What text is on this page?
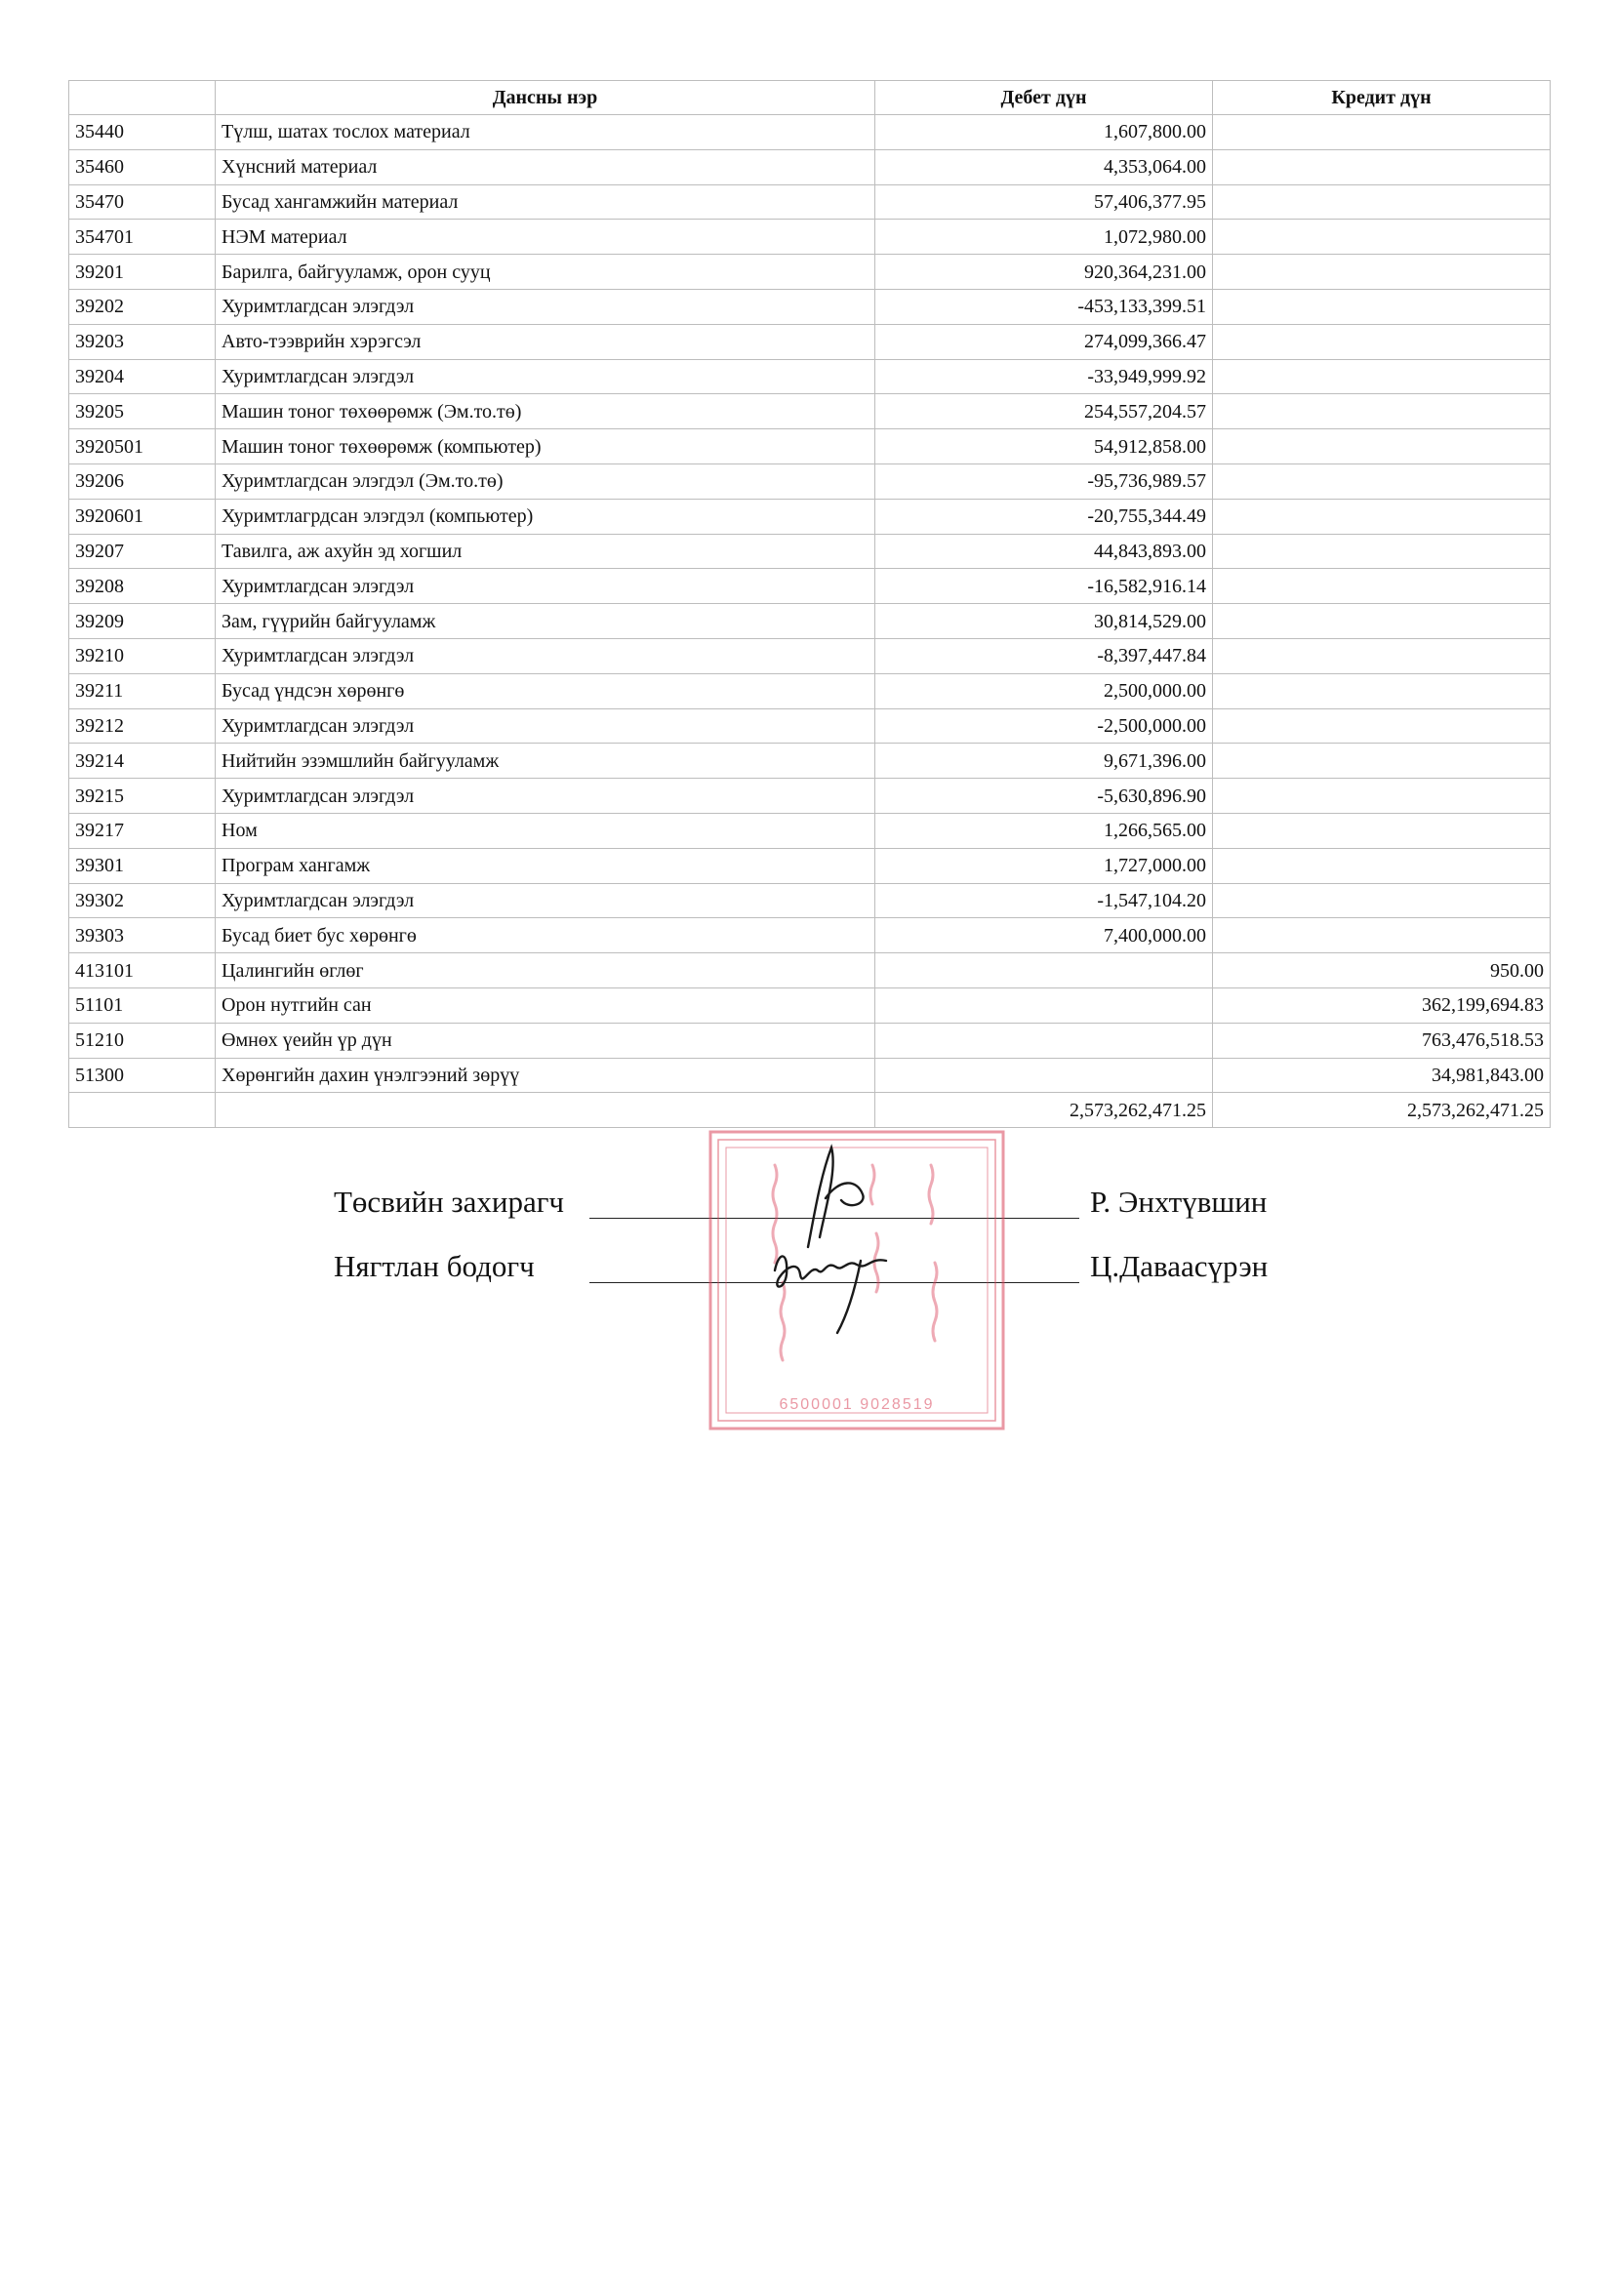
	Дансны нэр	Дебет дүн	Кредит дүн
35440	Түлш, шатах тослох материал	1,607,800.00	
35460	Хүнсний материал	4,353,064.00	
35470	Бусад хангамжийн материал	57,406,377.95	
354701	НЭМ материал	1,072,980.00	
39201	Барилга, байгууламж, орон сууц	920,364,231.00	
39202	Хуримтлагдсан элэгдэл	-453,133,399.51	
39203	Авто-тээврийн хэрэгсэл	274,099,366.47	
39204	Хуримтлагдсан элэгдэл	-33,949,999.92	
39205	Машин тоног төхөөрөмж (Эм.то.тө)	254,557,204.57	
3920501	Машин тоног төхөөрөмж (компьютер)	54,912,858.00	
39206	Хуримтлагдсан элэгдэл (Эм.то.тө)	-95,736,989.57	
3920601	Хуримтлагрдсан элэгдэл (компьютер)	-20,755,344.49	
39207	Тавилга, аж ахуйн эд хогшил	44,843,893.00	
39208	Хуримтлагдсан элэгдэл	-16,582,916.14	
39209	Зам, гүүрийн байгууламж	30,814,529.00	
39210	Хуримтлагдсан элэгдэл	-8,397,447.84	
39211	Бусад үндсэн хөрөнгө	2,500,000.00	
39212	Хуримтлагдсан элэгдэл	-2,500,000.00	
39214	Нийтийн эзэмшлийн байгууламж	9,671,396.00	
39215	Хуримтлагдсан элэгдэл	-5,630,896.90	
39217	Ном	1,266,565.00	
39301	Програм хангамж	1,727,000.00	
39302	Хуримтлагдсан элэгдэл	-1,547,104.20	
39303	Бусад биет бус хөрөнгө	7,400,000.00	
413101	Цалингийн өглөг		950.00
51101	Орон нутгийн сан		362,199,694.83
51210	Өмнөх үеийн үр дүн		763,476,518.53
51300	Хөрөнгийн дахин үнэлгээний зөрүү		34,981,843.00
		2,573,262,471.25	2,573,262,471.25
Төсвийн захирагч	Р. Энхтүвшин
Нягтлан бодогч	Ц.Даваасүрэн
6500001 9028519
